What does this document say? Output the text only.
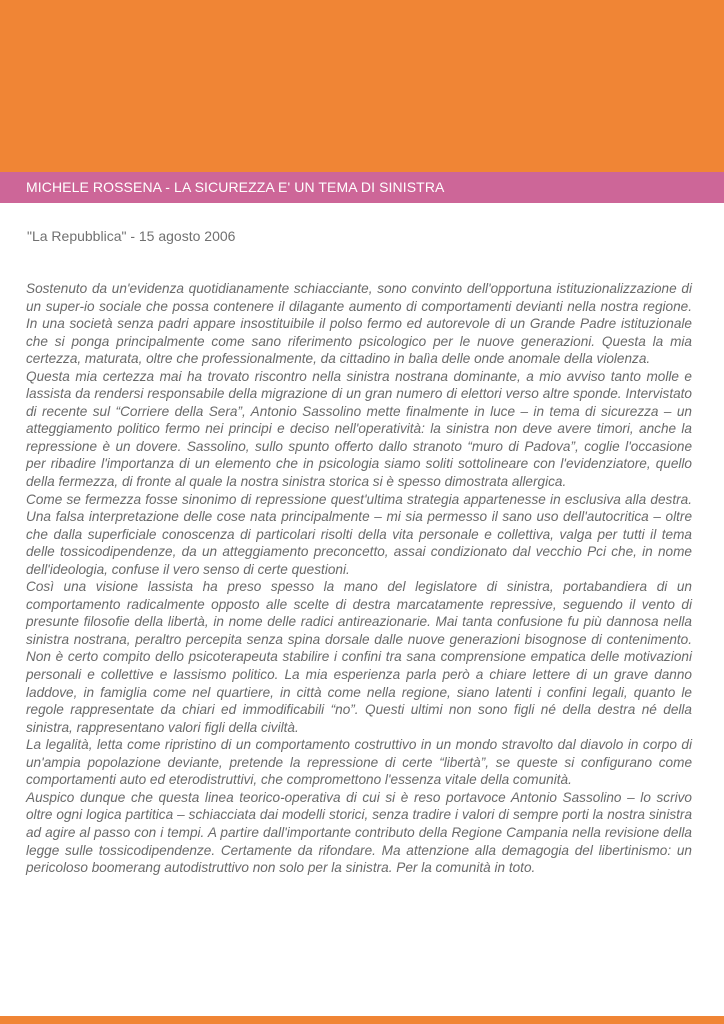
MICHELE ROSSENA - LA SICUREZZA E' UN TEMA DI SINISTRA
"La Repubblica" - 15 agosto 2006

Sostenuto da un'evidenza quotidianamente schiacciante, sono convinto dell'opportuna istituzionalizzazione di un super-io sociale che possa contenere il dilagante aumento di comportamenti devianti nella nostra regione. In una società senza padri appare insostituibile il polso fermo ed autorevole di un Grande Padre istituzionale che si ponga principalmente come sano riferimento psicologico per le nuove generazioni. Questa la mia certezza, maturata, oltre che professionalmente, da cittadino in balìa delle onde anomale della violenza.

Questa mia certezza mai ha trovato riscontro nella sinistra nostrana dominante, a mio avviso tanto molle e lassista da rendersi responsabile della migrazione di un gran numero di elettori verso altre sponde. Intervistato di recente sul “Corriere della Sera”, Antonio Sassolino mette finalmente in luce – in tema di sicurezza – un atteggiamento politico fermo nei principi e deciso nell'operatività: la sinistra non deve avere timori, anche la repressione è un dovere. Sassolino, sullo spunto offerto dallo stranoto “muro di Padova”, coglie l'occasione per ribadire l'importanza di un elemento che in psicologia siamo soliti sottolineare con l'evidenziatore, quello della fermezza, di fronte al quale la nostra sinistra storica si è spesso dimostrata allergica.

Come se fermezza fosse sinonimo di repressione quest'ultima strategia appartenesse in esclusiva alla destra. Una falsa interpretazione delle cose nata principalmente – mi sia permesso il sano uso dell'autocritica – oltre che dalla superficiale conoscenza di particolari risolti della vita personale e collettiva, valga per tutti il tema delle tossicodipendenze, da un atteggiamento preconcetto, assai condizionato dal vecchio Pci che, in nome dell'ideologia, confuse il vero senso di certe questioni.

Così una visione lassista ha preso spesso la mano del legislatore di sinistra, portabandiera di un comportamento radicalmente opposto alle scelte di destra marcatamente repressive, seguendo il vento di presunte filosofie della libertà, in nome delle radici antireazionarie. Mai tanta confusione fu più dannosa nella sinistra nostrana, peraltro percepita senza spina dorsale dalle nuove generazioni bisognose di contenimento. Non è certo compito dello psicoterapeuta stabilire i confini tra sana comprensione empatica delle motivazioni personali e collettive e lassismo politico. La mia esperienza parla però a chiare lettere di un grave danno laddove, in famiglia come nel quartiere, in città come nella regione, siano latenti i confini legali, quanto le regole rappresentate da chiari ed immodificabili “no”. Questi ultimi non sono figli né della destra né della sinistra, rappresentano valori figli della civiltà.

La legalità, letta come ripristino di un comportamento costruttivo in un mondo stravolto dal diavolo in corpo di un'ampia popolazione deviante, pretende la repressione di certe “libertà”, se queste si configurano come comportamenti auto ed eterodistruttivi, che compromettono l'essenza vitale della comunità.

Auspico dunque che questa linea teorico-operativa di cui si è reso portavoce Antonio Sassolino – lo scrivo oltre ogni logica partitica – schiacciata dai modelli storici, senza tradire i valori di sempre porti la nostra sinistra ad agire al passo con i tempi. A partire dall'importante contributo della Regione Campania nella revisione della legge sulle tossicodipendenze. Certamente da rifondare. Ma attenzione alla demagogia del libertinismo: un pericoloso boomerang autodistruttivo non solo per la sinistra. Per la comunità in toto.
